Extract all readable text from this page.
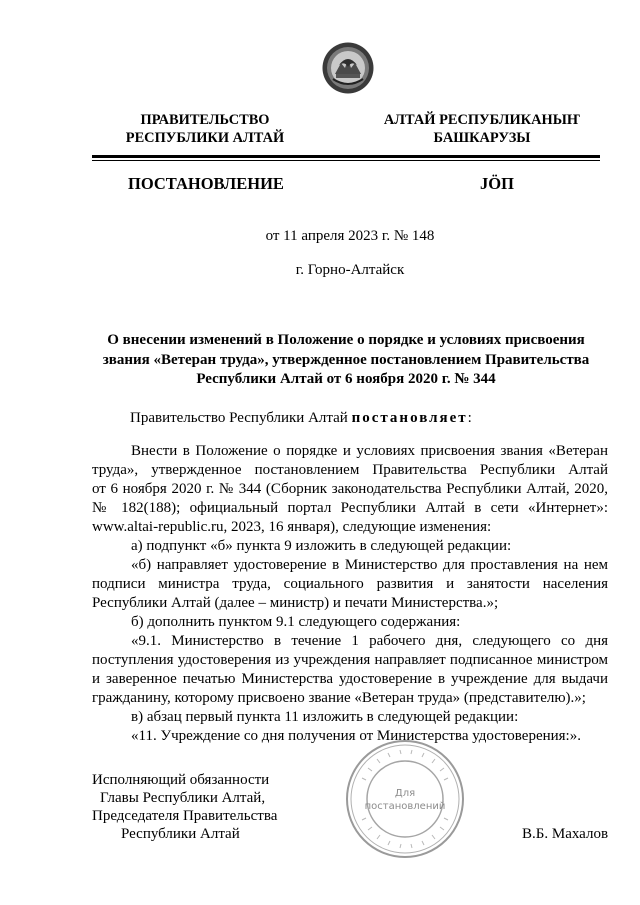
ПРАВИТЕЛЬСТВО
РЕСПУБЛИКИ АЛТАЙ
АЛТАЙ РЕСПУБЛИКАНЫҤ
БАШКАРУЗЫ
ПОСТАНОВЛЕНИЕ	JÖП
от 11 апреля 2023 г. № 148
г. Горно-Алтайск
О внесении изменений в Положение о порядке и условиях присвоения
звания «Ветеран труда», утвержденное постановлением Правительства
Республики Алтай от 6 ноября 2020 г. № 344
Правительство Республики Алтай постановляет:
Внести в Положение о порядке и условиях присвоения звания «Ветеран
труда», утвержденное постановлением Правительства Республики Алтай
от 6 ноября 2020 г. № 344 (Сборник законодательства Республики Алтай, 2020,
№ 182(188); официальный портал Республики Алтай в сети «Интернет»:
www.altai-republic.ru, 2023, 16 января), следующие изменения:
а) подпункт «б» пункта 9 изложить в следующей редакции:
«б) направляет удостоверение в Министерство для проставления на нем
подписи министра труда, социального развития и занятости населения
Республики Алтай (далее – министр) и печати Министерства.»;
б) дополнить пунктом 9.1 следующего содержания:
«9.1. Министерство в течение 1 рабочего дня, следующего со дня
поступления удостоверения из учреждения направляет подписанное министром
и заверенное печатью Министерства удостоверение в учреждение для выдачи
гражданину, которому присвоено звание «Ветеран труда» (представителю).»;
в) абзац первый пункта 11 изложить в следующей редакции:
«11. Учреждение со дня получения от Министерства удостоверения:».
Исполняющий обязанности
Главы Республики Алтай,
Председателя Правительства
Республики Алтай	В.Б. Махалов
Для
постановлений
